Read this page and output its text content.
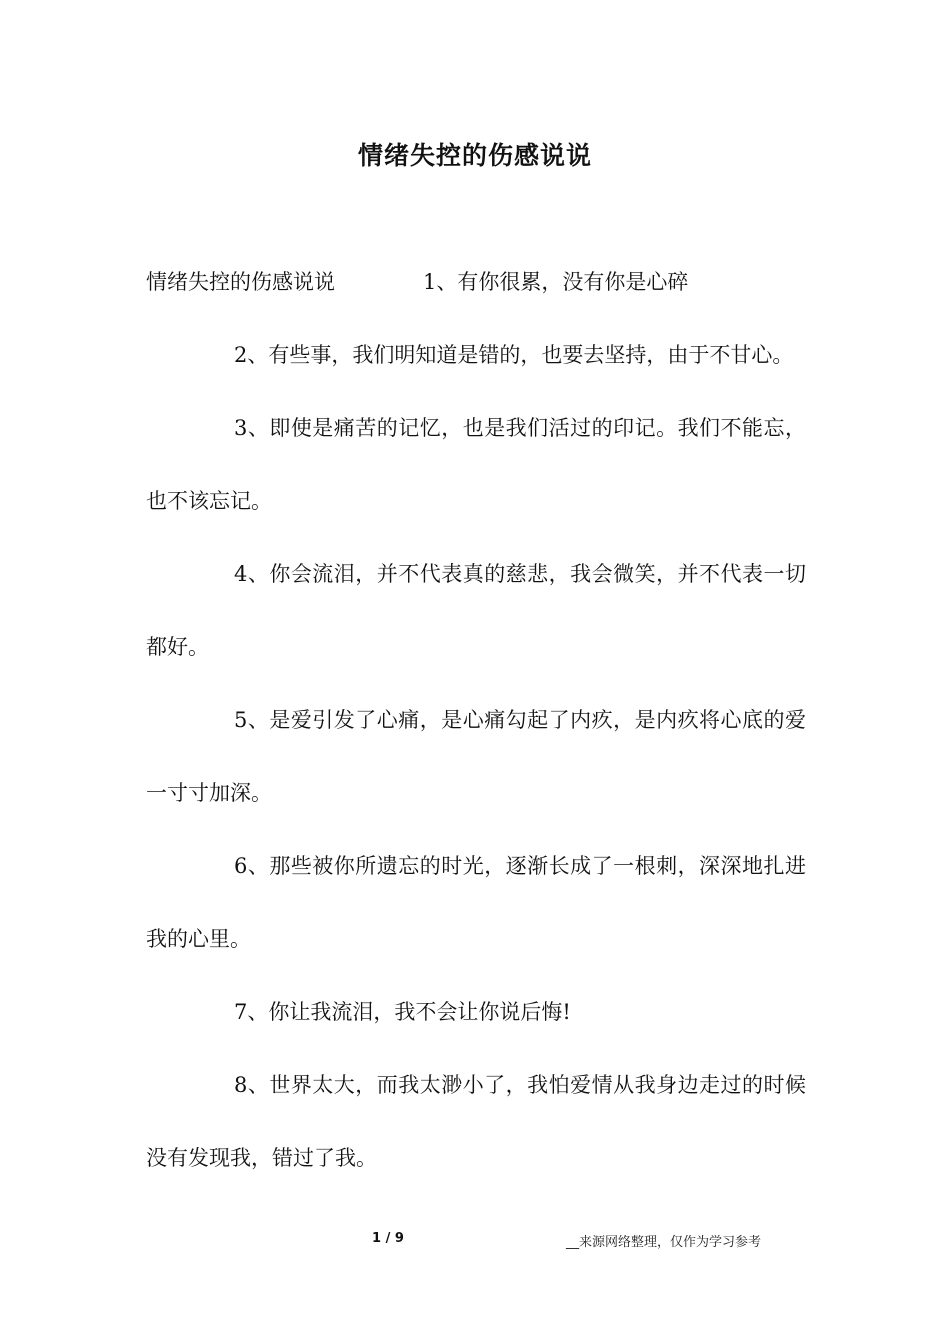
情绪失控的伤感说说

情绪失控的伤感说说	1、有你很累，没有你是心碎

2、有些事，我们明知道是错的，也要去坚持，由于不甘心。

3、即使是痛苦的记忆，也是我们活过的印记。我们不能忘，也不该忘记。

4、你会流泪，并不代表真的慈悲，我会微笑，并不代表一切都好。

5、是爱引发了心痛，是心痛勾起了内疚，是内疚将心底的爱一寸寸加深。

6、那些被你所遗忘的时光，逐渐长成了一根刺，深深地扎进我的心里。

7、你让我流泪，我不会让你说后悔!

8、世界太大，而我太渺小了，我怕爱情从我身边走过的时候没有发现我，错过了我。

1 / 9	__来源网络整理，仅作为学习参考
